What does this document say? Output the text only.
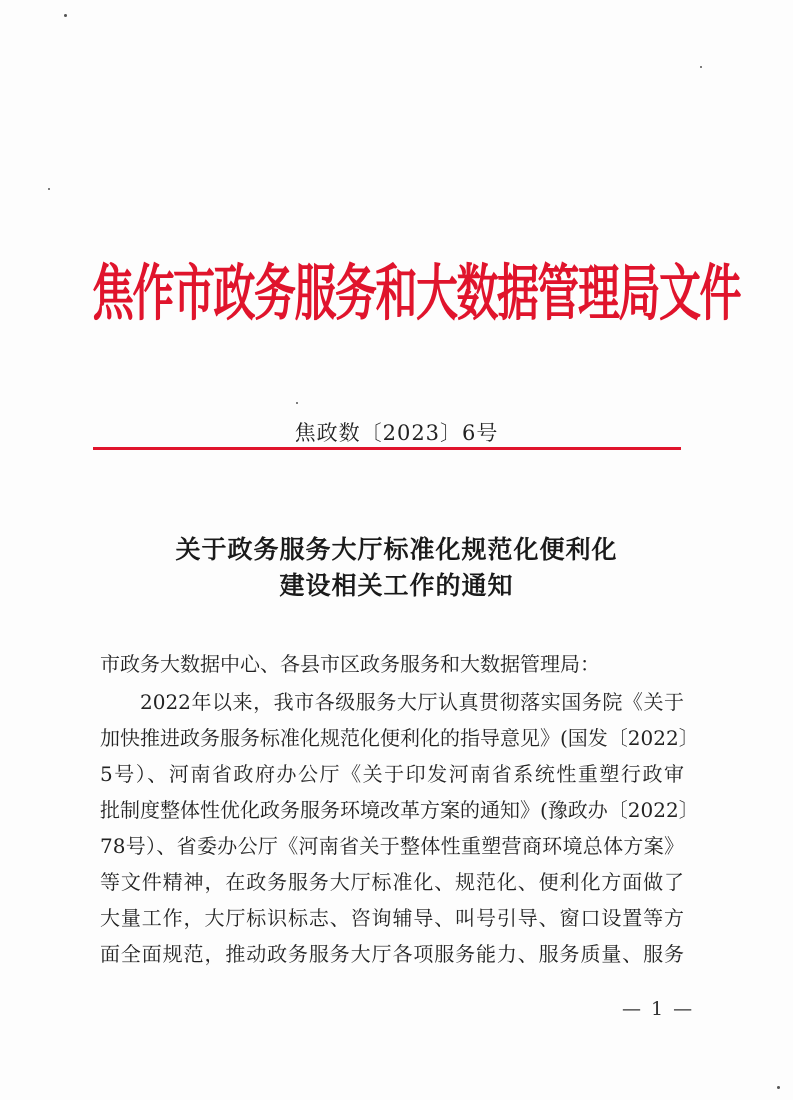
焦作市政务服务和大数据管理局文件
焦政数〔2023〕6号
关于政务服务大厅标准化规范化便利化
建设相关工作的通知
市政务大数据中心、各县市区政务服务和大数据管理局：
2022年以来，我市各级服务大厅认真贯彻落实国务院《关于
加快推进政务服务标准化规范化便利化的指导意见》(国发〔2022〕
5号）、河南省政府办公厅《关于印发河南省系统性重塑行政审
批制度整体性优化政务服务环境改革方案的通知》(豫政办〔2022〕
78号）、省委办公厅《河南省关于整体性重塑营商环境总体方案》
等文件精神，在政务服务大厅标准化、规范化、便利化方面做了
大量工作，大厅标识标志、咨询辅导、叫号引导、窗口设置等方
面全面规范，推动政务服务大厅各项服务能力、服务质量、服务
— 1 —
